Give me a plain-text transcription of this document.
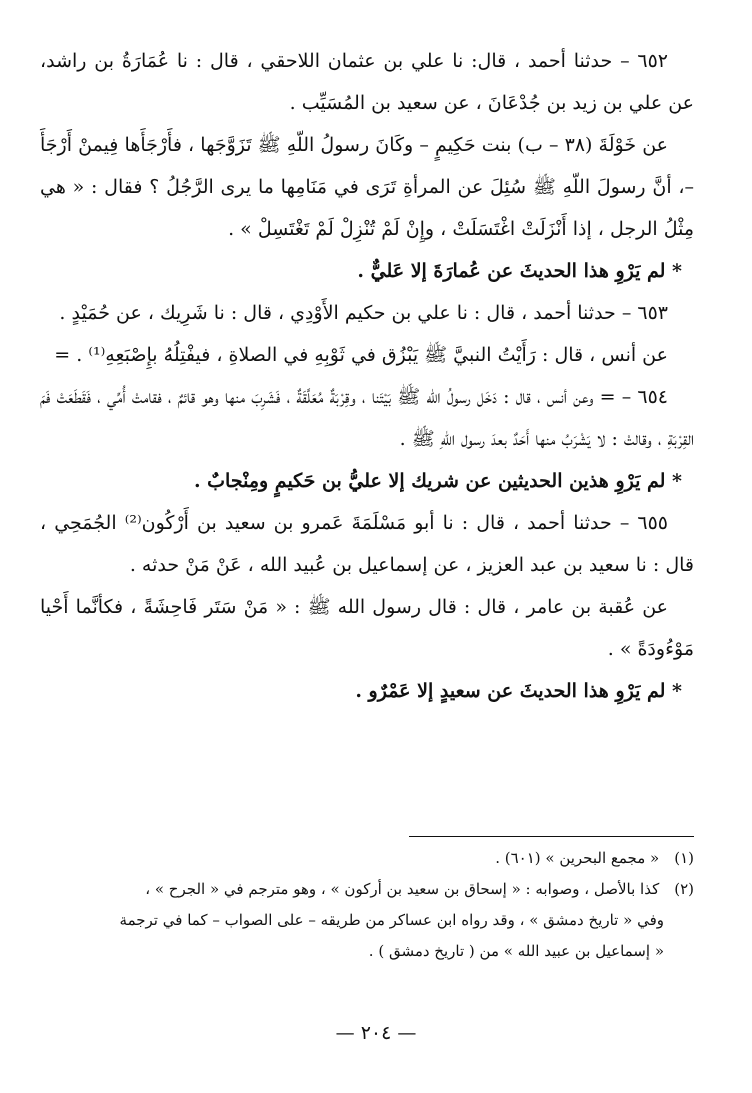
٦٥٢ – حدثنا أحمد ، قال: نا علي بن عثمان اللاحقي ، قال : نا عُمَارَةُ بن راشد، عن علي بن زيد بن جُدْعَانَ ، عن سعيد بن المُسَيِّب .

عن خَوْلَةَ (٣٨ – ب) بنت حَكِيمٍ – وكَانَ رسولُ اللّهِ ﷺ تَزَوَّجَها ، فأَرْجَأَها فِيمنْ أَرْجَأَ –، أنَّ رسولَ اللّهِ ﷺ سُئِلَ عن المرأةِ تَرَى في مَنَامِها ما يرى الرَّجُلُ ؟ فقال : « هي مِثْلُ الرجل ، إذا أَنْزَلَتْ اغْتَسَلَتْ ، وإِنْ لَمْ تُنْزِلْ لَمْ تَغْتَسِلْ » .

* لم يَرْوِ هذا الحديثَ عن عُمارَةَ إلا عَليٌّ .

٦٥٣ – حدثنا أحمد ، قال : نا علي بن حكيم الأَوْدِي ، قال : نا شَرِيك ، عن حُمَيْدٍ .

عن أنس ، قال : رَأَيْتُ النبيَّ ﷺ يَبْزُق في ثَوْبِهِ في الصلاةِ ، فيفْتِلُهُ بإِصْبَعِهِ⁽¹⁾ . =

٦٥٤ – = وعن أنس ، قال : دَخَل رسولُ الله ﷺ بَيْتَنا ، وقِرْبَةٌ مُعَلَّقَةٌ ، فَشَرِبَ منها وهو قائمٌ ، فقامتْ أُمِّي ، فَقَطَعَتْ فَمَ القِرْبَةِ ، وقالتْ : لا يَشْرَبُ منها أَحَدٌ بعدَ رسول اللّهِ ﷺ .

* لم يَرْوِ هذين الحديثين عن شريك إلا عليُّ بن حَكيمٍ ومِنْجابٌ .

٦٥٥ – حدثنا أحمد ، قال : نا أبو مَسْلَمَةَ عَمرو بن سعيد بن أَرْكُون⁽²⁾ الجُمَحِي ، قال : نا سعيد بن عبد العزيز ، عن إسماعيل بن عُبيد الله ، عَنْ مَنْ حدثه .

عن عُقبة بن عامر ، قال : قال رسول الله ﷺ : « مَنْ سَتَر فَاحِشَةً ، فكأنَّما أَحْيا مَوْءُودَةً » .

* لم يَرْوِ هذا الحديثَ عن سعيدٍ إلا عَمْرٌو .

(١) « مجمع البحرين » (٦٠١) .

(٢) كذا بالأصل ، وصوابه : « إسحاق بن سعيد بن أركون » ، وهو مترجم في « الجرح » ،

وفي « تاريخ دمشق » ، وقد رواه ابن عساكر من طريقه – على الصواب – كما في ترجمة

« إسماعيل بن عبيد الله » من ( تاريخ دمشق ) .

— ٢٠٤ —
